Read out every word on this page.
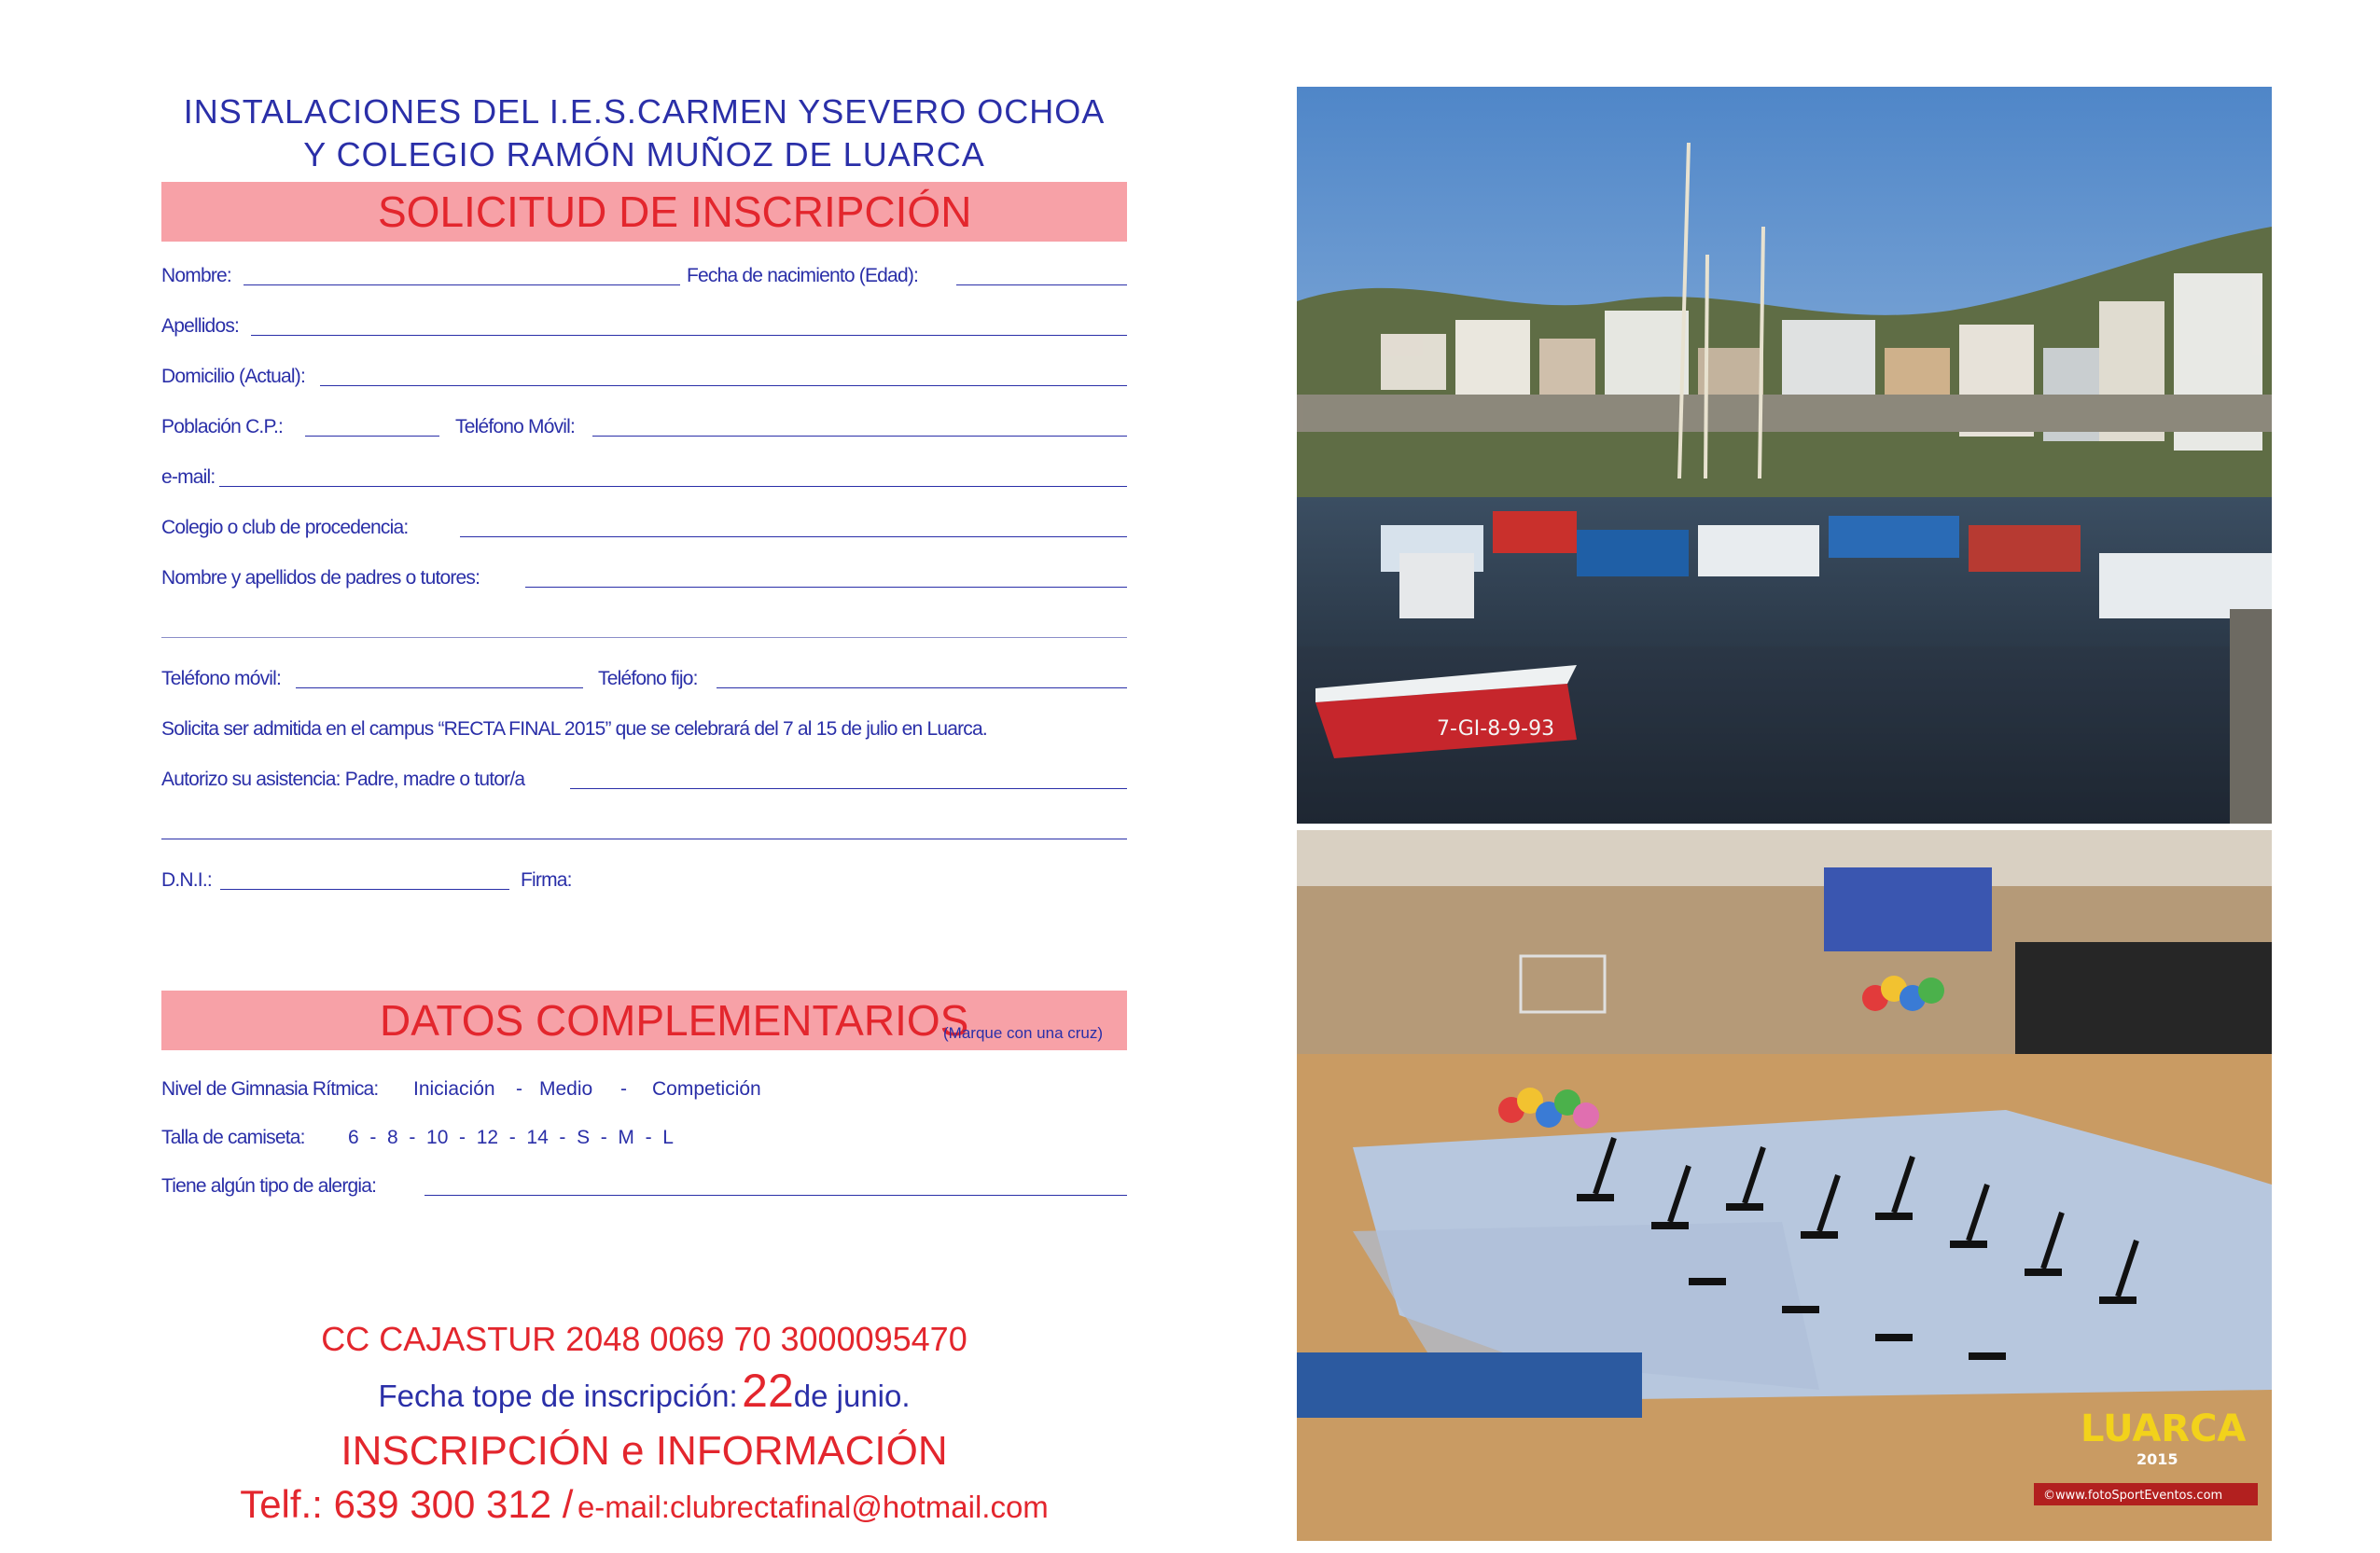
INSTALACIONES DEL I.E.S.CARMEN YSEVERO OCHOA
Y COLEGIO RAMÓN MUÑOZ DE LUARCA
SOLICITUD DE INSCRIPCIÓN
Nombre:	Fecha de nacimiento (Edad):
Apellidos:
Domicilio (Actual):
Población C.P.:	Teléfono Móvil:
e-mail:
Colegio o club de procedencia:
Nombre y apellidos de padres o tutores:
Teléfono móvil:	Teléfono fijo:
Solicita ser admitida en el campus “RECTA FINAL 2015” que se celebrará del 7 al 15 de julio en Luarca.
Autorizo su asistencia: Padre, madre o tutor/a
D.N.I.:	Firma:
DATOS COMPLEMENTARIOS
(Marque con una cruz)
Nivel de Gimnasia Rítmica: Iniciación - Medio - Competición
Talla de camiseta: 6  -  8  -  10  -  12  -  14  -  S  -  M  -  L
Tiene algún tipo de alergia:
CC CAJASTUR 2048 0069 70 3000095470
Fecha tope de inscripción: 22de junio.
INSCRIPCIÓN e INFORMACIÓN
Telf.: 639 300 312 / e-mail:clubrectafinal@hotmail.com
7-GI-8-9-93
LUARCA
2015
©www.fotoSportEventos.com
